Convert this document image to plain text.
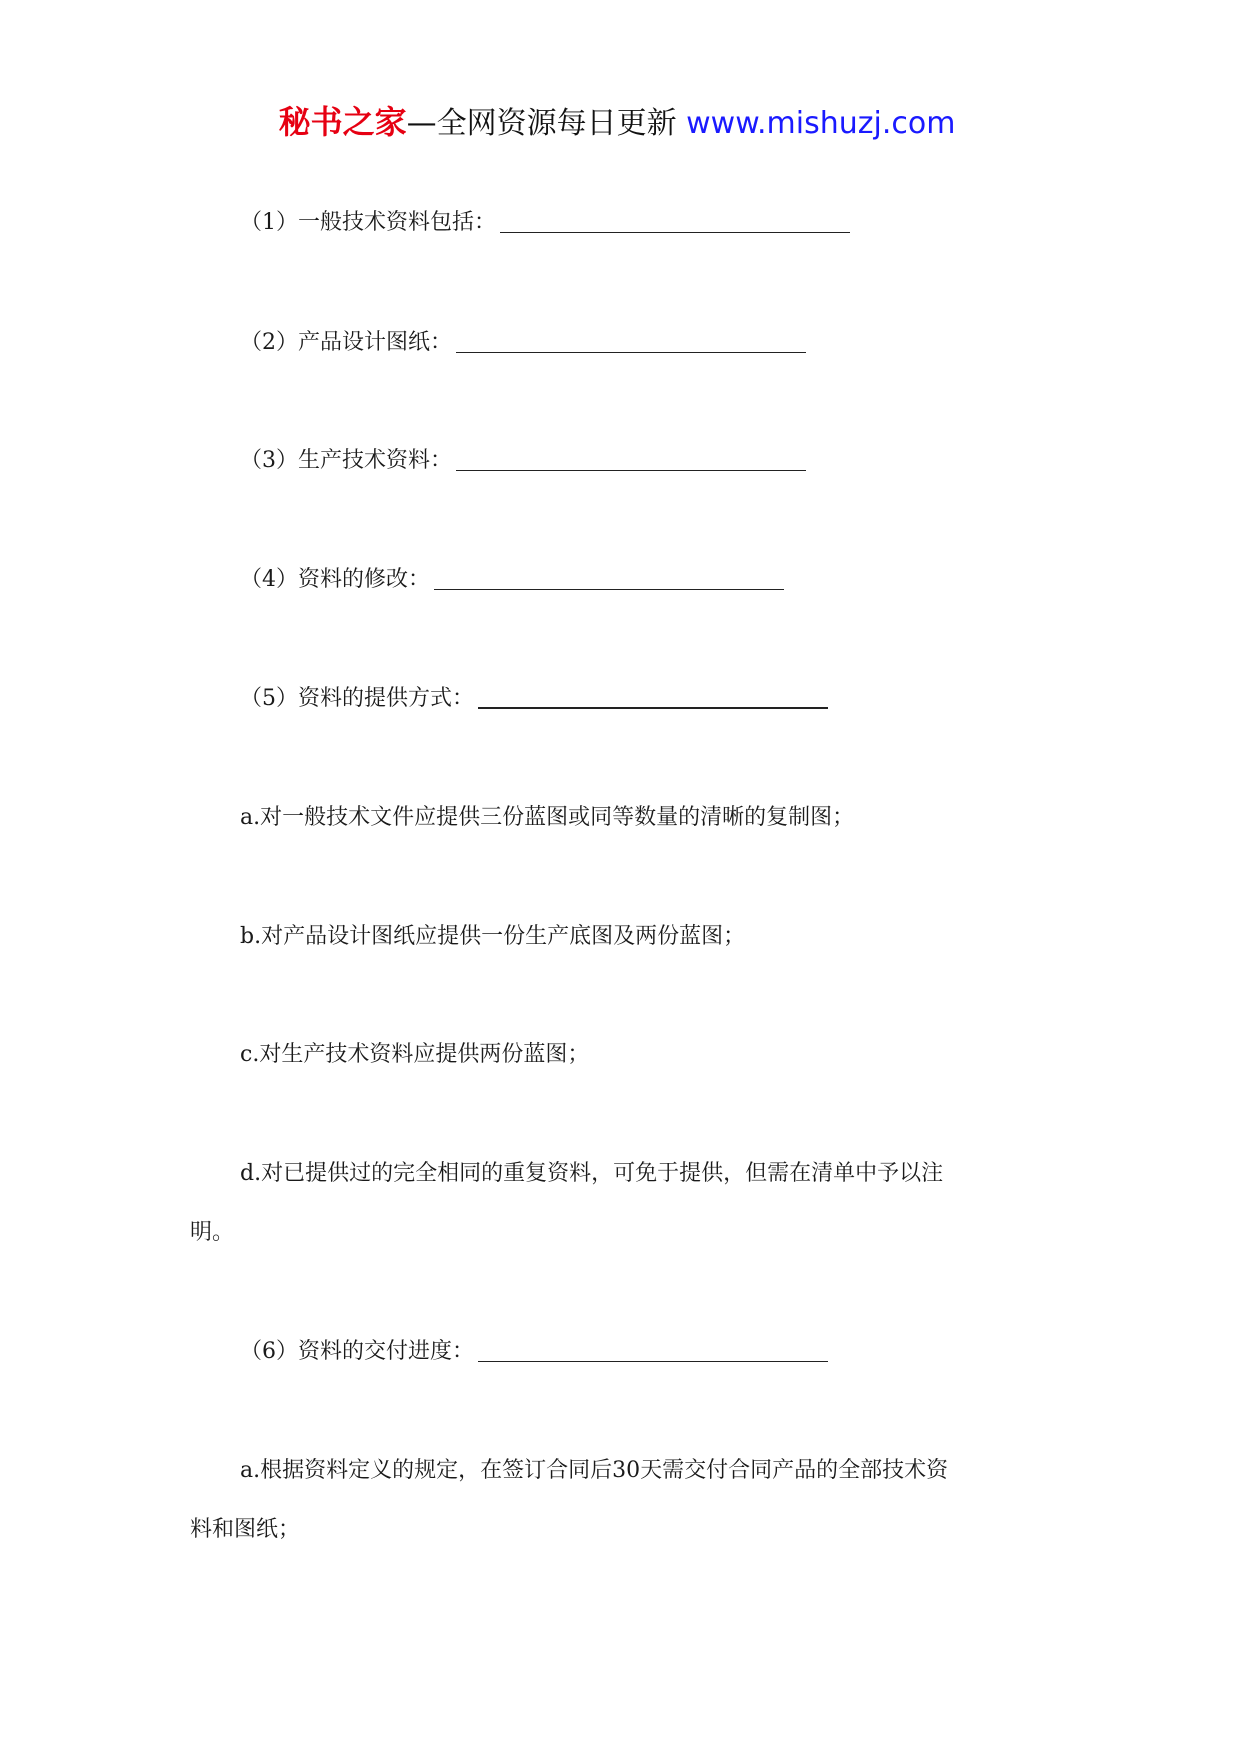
秘书之家—全网资源每日更新 www.mishuzj.com
（1）一般技术资料包括：
（2）产品设计图纸：
（3）生产技术资料：
（4）资料的修改：
（5）资料的提供方式：
a.对一般技术文件应提供三份蓝图或同等数量的清晰的复制图；
b.对产品设计图纸应提供一份生产底图及两份蓝图；
c.对生产技术资料应提供两份蓝图；
d.对已提供过的完全相同的重复资料，可免于提供，但需在清单中予以注
明。
（6）资料的交付进度：
a.根据资料定义的规定，在签订合同后30天需交付合同产品的全部技术资
料和图纸；
